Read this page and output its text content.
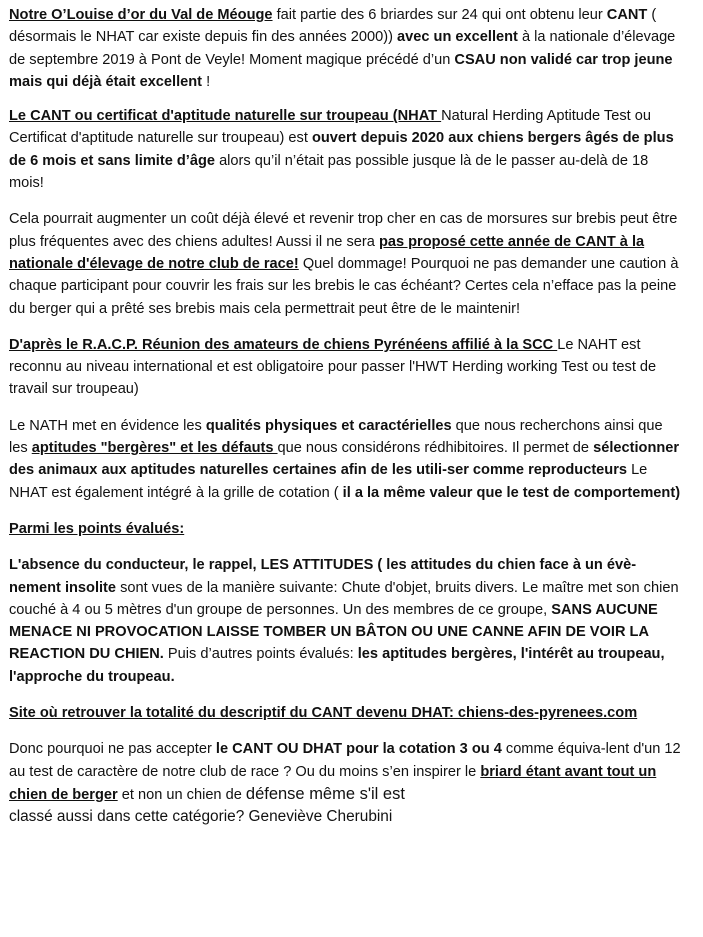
Notre O’Louise d’or du Val de Méouge fait partie des 6 briardes sur 24 qui ont obtenu leur CANT ( désormais le NHAT car existe depuis fin des années 2000)) avec un excellent à la nationale d’élevage de septembre 2019 à Pont de Veyle! Moment magique précédé d’un CSAU non validé car trop jeune mais qui déjà était excellent !

Le CANT ou certificat d'aptitude naturelle sur troupeau (NHAT Natural Herding Aptitude Test ou Certificat d'aptitude naturelle sur troupeau) est ouvert depuis 2020 aux chiens bergers âgés de plus de 6 mois et sans limite d’âge alors qu’il n’était pas possible jusque là de le passer au-delà de 18 mois!

Cela pourrait augmenter un coût déjà élevé et revenir trop cher en cas de morsures sur brebis peut être plus fréquentes avec des chiens adultes! Aussi il ne sera pas proposé cette année de CANT à la nationale d'élevage de notre club de race! Quel dommage! Pourquoi ne pas demander une caution à chaque participant pour couvrir les frais sur les brebis le cas échéant? Certes cela n’efface pas la peine du berger qui a prêté ses brebis mais cela permettrait peut être de le maintenir!

D'après le R.A.C.P. Réunion des amateurs de chiens Pyrénéens affilié à la SCC Le NAHT est reconnu au niveau international et est obligatoire pour passer l'HWT Herding working Test ou test de travail sur troupeau)

Le NATH met en évidence les qualités physiques et caractérielles que nous recherchons ainsi que les aptitudes "bergères" et les défauts que nous considérons rédhibitoires. Il permet de sélectionner des animaux aux aptitudes naturelles certaines afin de les utili-ser comme reproducteurs Le NHAT est également intégré à la grille de cotation ( il a la même valeur que le test de comportement)

Parmi les points évalués:

L'absence du conducteur, le rappel, LES ATTITUDES ( les attitudes du chien face à un évè-nement insolite sont vues de la manière suivante: Chute d'objet, bruits divers. Le maître met son chien couché à 4 ou 5 mètres d'un groupe de personnes. Un des membres de ce groupe, SANS AUCUNE MENACE NI PROVOCATION LAISSE TOMBER UN BÂTON OU UNE CANNE AFIN DE VOIR LA REACTION DU CHIEN. Puis d’autres points évalués: les aptitudes bergères, l'intérêt au troupeau, l'approche du troupeau.

Site où retrouver la totalité du descriptif du CANT devenu DHAT: chiens-des-pyrenees.com

Donc pourquoi ne pas accepter le CANT OU DHAT pour la cotation 3 ou 4 comme équiva-lent d'un 12 au test de caractère de notre club de race ? Ou du moins s’en inspirer le briard étant avant tout un chien de berger et non un chien de défense même s'il est
classé aussi dans cette catégorie? Geneviève Cherubini
